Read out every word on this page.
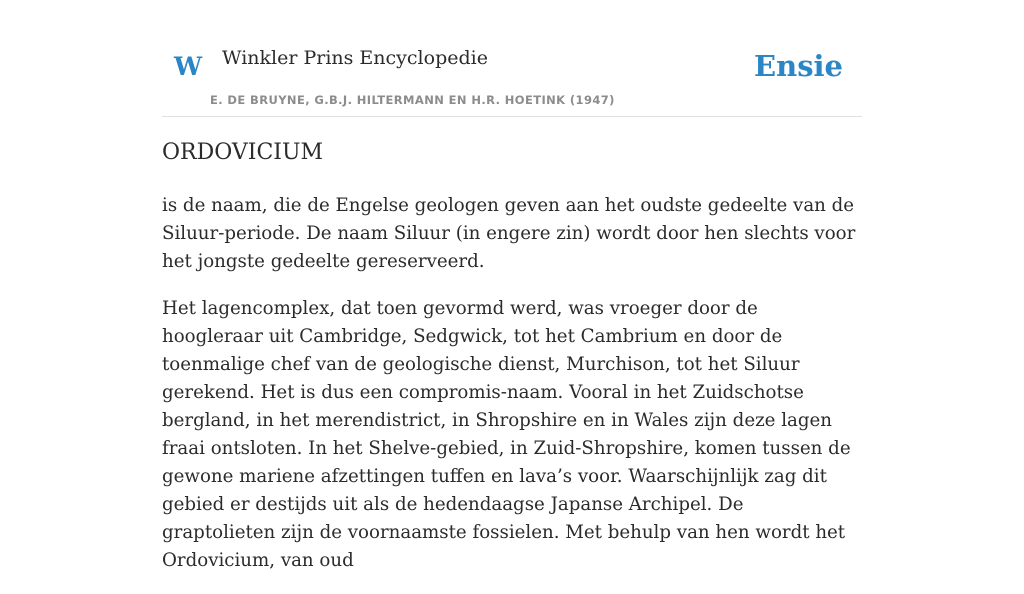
W Winkler Prins Encyclopedie
E. DE BRUYNE, G.B.J. HILTERMANN EN H.R. HOETINK (1947)
Ensie
ORDOVICIUM

is de naam, die de Engelse geologen geven aan het oudste gedeelte van de Siluur-periode. De naam Siluur (in engere zin) wordt door hen slechts voor het jongste gedeelte gereserveerd.

Het lagencomplex, dat toen gevormd werd, was vroeger door de hoogleraar uit Cambridge, Sedgwick, tot het Cambrium en door de toenmalige chef van de geologische dienst, Murchison, tot het Siluur gerekend. Het is dus een compromis-naam. Vooral in het Zuidschotse bergland, in het merendistrict, in Shropshire en in Wales zijn deze lagen fraai ontsloten. In het Shelve-gebied, in Zuid-Shropshire, komen tussen de gewone mariene afzettingen tuffen en lava’s voor. Waarschijnlijk zag dit gebied er destijds uit als de hedendaagse Japanse Archipel. De graptolieten zijn de voornaamste fossielen. Met behulp van hen wordt het Ordovicium, van oud
